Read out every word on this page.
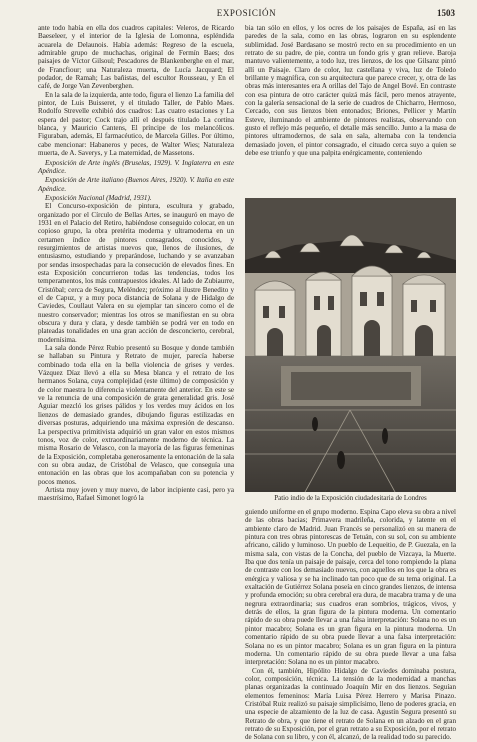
EXPOSICIÓN	1503

ante todo había en ella dos cuadros capitales: Veleros, de Ricardo Baeseleer, y el interior de la Iglesia de Lomonna, espléndida acuarela de Delaunois. Había además: Regreso de la escuela, admirable grupo de muchachas, original de Fermín Baes; dos paisajes de Víctor Gilsoul; Pescadores de Blankenberghe en el mar, de Francfiour; una Naturaleza muerta, de Lucía Jacquard; El podador, de Ramah; Las bañistas, del escultor Rousseau, y En el café, de Jorge Van Zevenberghen.

En la sala de la izquierda, ante todo, figura el lienzo La familia del pintor, de Luis Buisseret, y el titulado Taller, de Pablo Maes. Rodolfo Strevelle exhibió dos cuadros: Las cuatro estaciones y La espera del pastor; Cock trajo allí el después titulado La cortina blanca, y Mauricio Cantens, El príncipe de los melancólicos. Figuraban, además, El farmacéutico, de Marcela Gilles. Por último, cabe mencionar: Habaneros y peces, de Walter Wies; Naturaleza muerta, de A. Saverys, y La maternidad, de Massetons.

Exposición de Arte inglés (Bruselas, 1929). V. Inglaterra en este Apéndice.

Exposición de Arte italiano (Buenos Aires, 1920). V. Italia en este Apéndice.

Exposición Nacional (Madrid, 1931).

El Concurso-exposición de pintura, escultura y grabado, organizado por el Círculo de Bellas Artes, se inauguró en mayo de 1931 en el Palacio del Retiro, habiéndose conseguido colocar, en un copioso grupo, la obra pretérita moderna y ultramoderna en un certamen índice de pintores consagrados, conocidos, y resurgimientos de artistas nuevos que, llenos de ilusiones, de entusiasmo, estudiando y preparándose, luchando y se avanzaban por sendas insospechadas para la consecución de elevados fines. En esta Exposición concurrieron todas las tendencias, todos los temperamentos, los más contrapuestos ideales. Al lado de Zubiaurre, Cristóbal; cerca de Segura, Meléndez; próximo al ilustre Benedito y el de Capuz, y a muy poca distancia de Solana y de Hidalgo de Caviedes, Coullaut Valera en su ejemplar tan sincero como el de nuestro conservador; mientras los otros se manifiestan en su obra obscura y dura y clara, y desde también se podrá ver en todo en plateadas tonalidades en una gran acción de desconcierto, cerebral, modernísima.

La sala donde Pérez Rubio presentó su Bosque y donde también se hallaban su Pintura y Retrato de mujer, parecía haberse combinado toda ella en la bella violencia de grises y verdes. Vázquez Díaz llevó a ella su Mesa blanca y el retrato de los hermanos Solana, cuya complejidad (este último) de composición y de color maestra lo diferencia violentamente del anterior. En este se ve la renuncia de una composición de grata generalidad gris. José Aguiar mezcló los grises pálidos y los verdes muy ácidos en los lienzos de demasiado grandes, dibujando figuras estilizadas en diversas posturas, adquiriendo una máxima expresión de descanso. La perspectiva primitivista adquirió un gran valor en estos mismos tonos, voz de color, extraordinariamente moderno de técnica. La misma Rosario de Velasco, con la mayoría de las figuras femeninas de la Exposición, completaba generosamente la entonación de la sala con su obra audaz, de Cristóbal de Velasco, que conseguía una entonación en las obras que los acompañaban con su potencia y pocos menos.

Artista muy joven y muy nuevo, de labor incipiente casi, pero ya maestrísimo, Rafael Simonet logró la

bia tan sólo en ellos, y los ocres de los paisajes de España, así en las paredes de la sala, como en las obras, lograron en su esplendente sublimidad. José Bardasano se mostró recto en su procedimiento en un retrato de su padre, de pie, contra un fondo gris y gran relieve. Baroja mantuvo valientemente, a todo luz, tres lienzos, de los que Gilsanz pintó allí un Paisaje. Claro de color, luz castellana y viva, luz de Toledo brillante y magnífica, con su arquitectura que parece crecer, y, otra de las obras más interesantes era A orillas del Tajo de Angel Bové. En contraste con esa pintura de otro carácter quizá más fácil, pero menos atrayente, con la galería sensacional de la serie de cuadros de Chicharro, Hermoso, Cercado, con sus lienzos bien entonados; Briones, Pellicer y Martín Esteve, iluminando el ambiente de pintores realistas, observando con gusto el reflejo más pequeño, el detalle más sencillo. Junto a la masa de pintores ultramodernos, de sala en sala, alternaba con la tendencia demasiado joven, el pintor consagrado, el cituado cerca suyo a quien se debe ese triunfo y que una palpita enérgicamente, conteniendo

Patio indio de la Exposición ciudadesitaria de Londres

guiendo uniforme en el grupo moderno. Espina Capo eleva su obra a nivel de las obras bacias; Primavera madrileña, colorida, y latente en el ambiente claro de Madrid. Juan Francés se personalizó en su manera de pintura con tres obras pintorescas de Tetuán, con su sol, con su ambiente africano, cálido y luminoso. Un pueblo de Lequeitio, de P. Guezala, en la misma sala, con vistas de la Concha, del pueblo de Vizcaya, la Muerte. Iba que dos tenía un paisaje de paisaje, cerca del tono rompiendo la plana de contraste con los demasiado nuevos, con aquellos en los que la obra es enérgica y valiosa y se ha inclinado tan poco que de su tema original. La exaltación de Gutiérrez Solana poseía en cinco grandes lienzos, de intensa y profunda emoción; su obra cerebral era dura, de macabra trama y de una negrura extraordinaria; sus cuadros eran sombríos, trágicos, vivos, y detrás de ellos, la gran figura de la pintura moderna. Un comentario rápido de su obra puede llevar a una falsa interpretación: Solana no es un pintor macabro; Solana es un gran figura en la pintura moderna. Un comentario rápido de su obra puede llevar a una falsa interpretación: Solana no es un pintor macabro; Solana es un gran figura en la pintura moderna. Un comentario rápido de su obra puede llevar a una falsa interpretación: Solana no es un pintor macabro.

Con él, también, Hipólito Hidalgo de Caviedes dominaba postura, color, composición, técnica. La tensión de la modernidad a manchas planas organizadas la continuado Joaquín Mir en dos lienzos. Seguían elementos femeninos: María Luisa Pérez Herrero y Marisa Pinazo. Cristóbal Ruiz realizó su paisaje simplicísimo, lleno de poderes gracia, en una especie de alzamiento de la luz de casa. Agustín Segura presentó su Retrato de obra, y que tiene el retrato de Solana en un alzado en el gran retrato de su Exposición, por el gran retrato a su Exposición, por el retrato de Solana con su libro, y con él, alcanzó, de la realidad todo su parecido.
